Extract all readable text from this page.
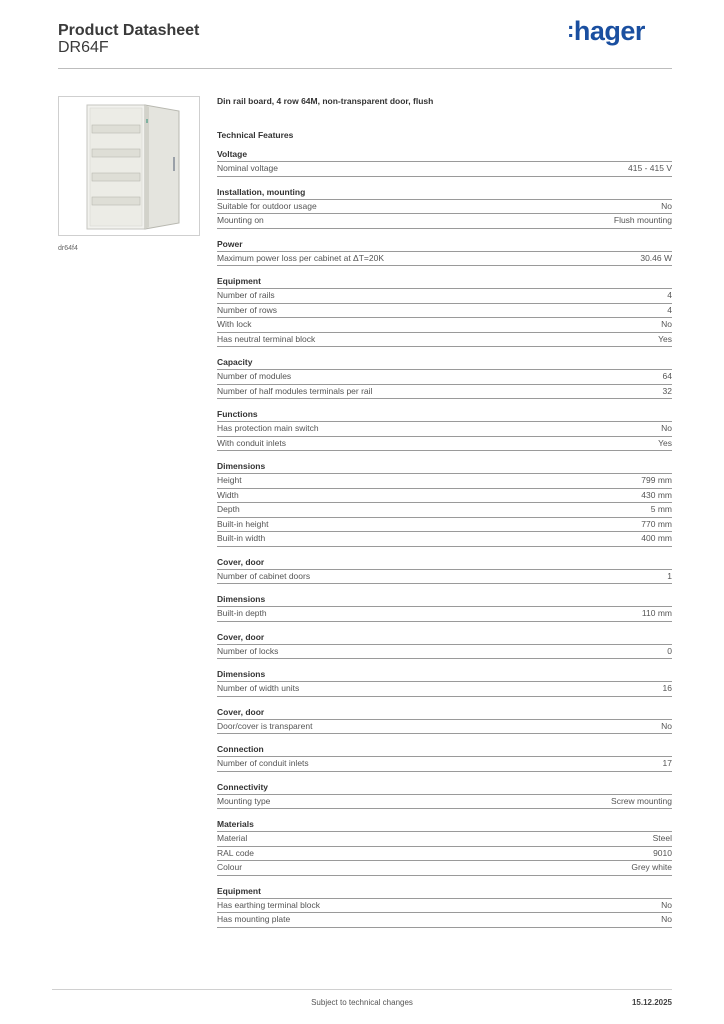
Product Datasheet
DR64F
:hager
dr64f4
Din rail board, 4 row 64M, non-transparent door, flush
Technical Features
Voltage
Nominal voltage	415 - 415 V
Installation, mounting
Suitable for outdoor usage	No
Mounting on	Flush mounting
Power
Maximum power loss per cabinet at ΔT=20K	30.46 W
Equipment
Number of rails	4
Number of rows	4
With lock	No
Has neutral terminal block	Yes
Capacity
Number of modules	64
Number of half modules terminals per rail	32
Functions
Has protection main switch	No
With conduit inlets	Yes
Dimensions
Height	799 mm
Width	430 mm
Depth	5 mm
Built-in height	770 mm
Built-in width	400 mm
Cover, door
Number of cabinet doors	1
Dimensions
Built-in depth	110 mm
Cover, door
Number of locks	0
Dimensions
Number of width units	16
Cover, door
Door/cover is transparent	No
Connection
Number of conduit inlets	17
Connectivity
Mounting type	Screw mounting
Materials
Material	Steel
RAL code	9010
Colour	Grey white
Equipment
Has earthing terminal block	No
Has mounting plate	No
Subject to technical changes	15.12.2025
